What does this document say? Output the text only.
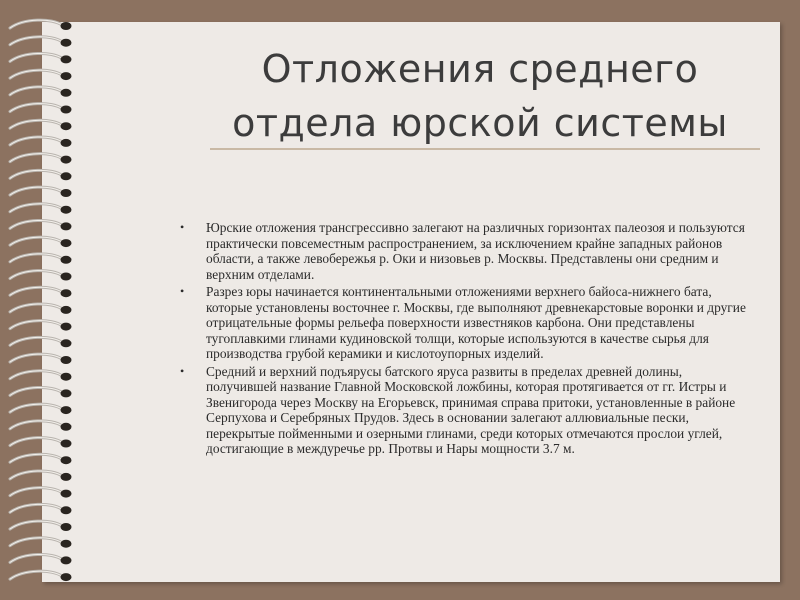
Отложения среднего
отдела юрской системы
• Юрские отложения трансгрессивно залегают на различных горизонтах палеозоя и пользуются практически повсеместным распространением, за исключением крайне западных районов области, а также левобережья р. Оки и низовьев р. Москвы. Представлены они средним и верхним отделами.
• Разрез юры начинается континентальными отложениями верхнего байоса-нижнего бата, которые установлены восточнее г. Москвы, где выполняют древнекарстовые воронки и другие отрицательные формы рельефа поверхности известняков карбона. Они представлены тугоплавкими глинами кудиновской толщи, которые используются в качестве сырья для производства грубой керамики и кислотоупорных изделий.
• Средний и верхний подъярусы батского яруса развиты в пределах древней долины, получившей название Главной Московской ложбины, которая протягивается от гг. Истры и Звенигорода через Москву на Егорьевск, принимая справа притоки, установленные в районе Серпухова и Серебряных Прудов. Здесь в основании залегают аллювиальные пески, перекрытые пойменными и озерными глинами, среди которых отмечаются прослои углей, достигающие в междуречье рр. Протвы и Нары мощности 3.7 м.
